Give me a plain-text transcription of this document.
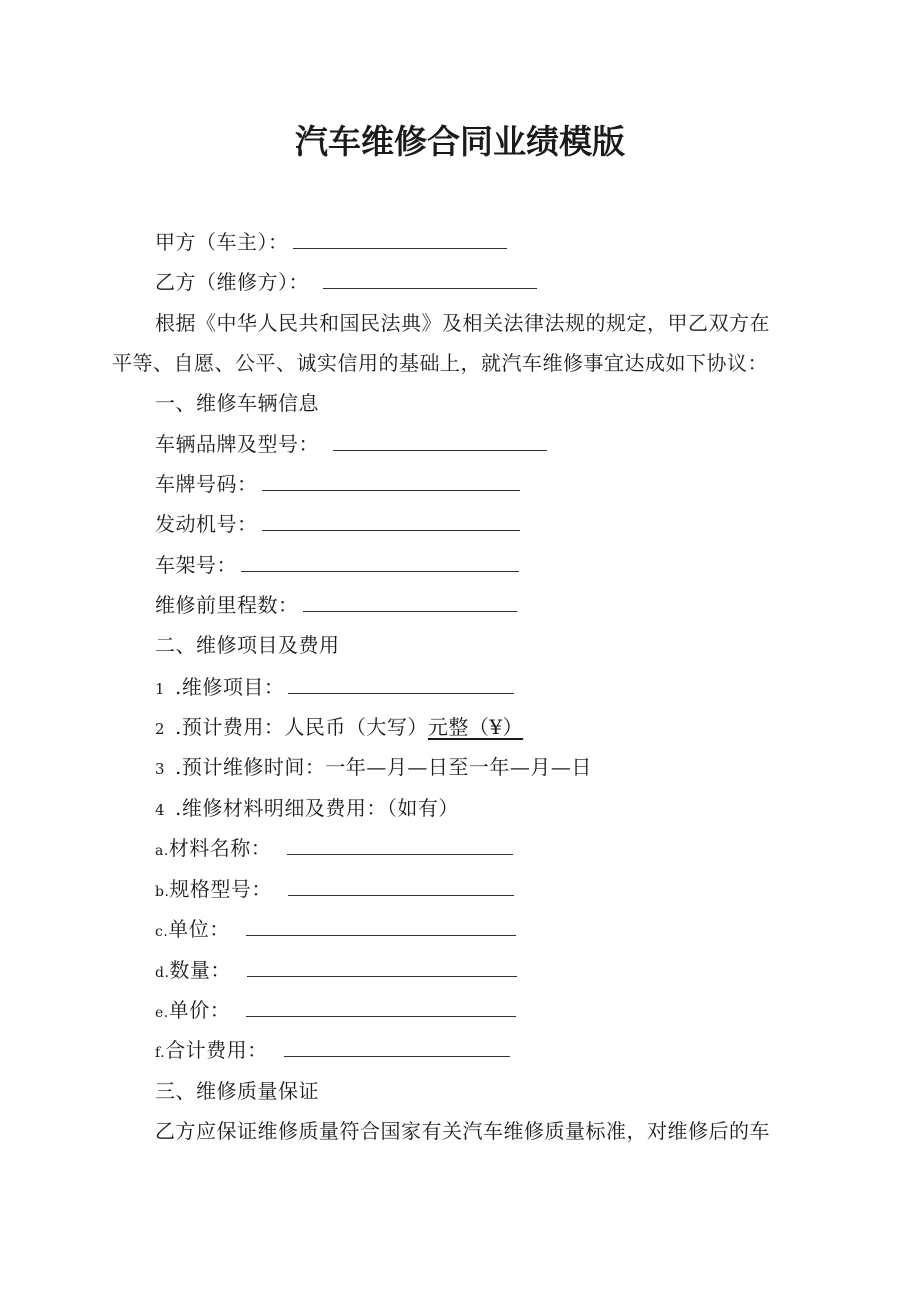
汽车维修合同业绩模版
甲方（车主）：
乙方（维修方）：
根据《中华人民共和国民法典》及相关法律法规的规定，甲乙双方在
平等、自愿、公平、诚实信用的基础上，就汽车维修事宜达成如下协议：
一、维修车辆信息
车辆品牌及型号：
车牌号码：
发动机号：
车架号：
维修前里程数：
二、维修项目及费用
1 .维修项目：
2 .预计费用：人民币（大写）元整（¥）
3 .预计维修时间：一年—月—日至一年—月—日
4 .维修材料明细及费用：（如有）
a.材料名称：
b.规格型号：
c.单位：
d.数量：
e.单价：
f.合计费用：
三、维修质量保证
乙方应保证维修质量符合国家有关汽车维修质量标准，对维修后的车
